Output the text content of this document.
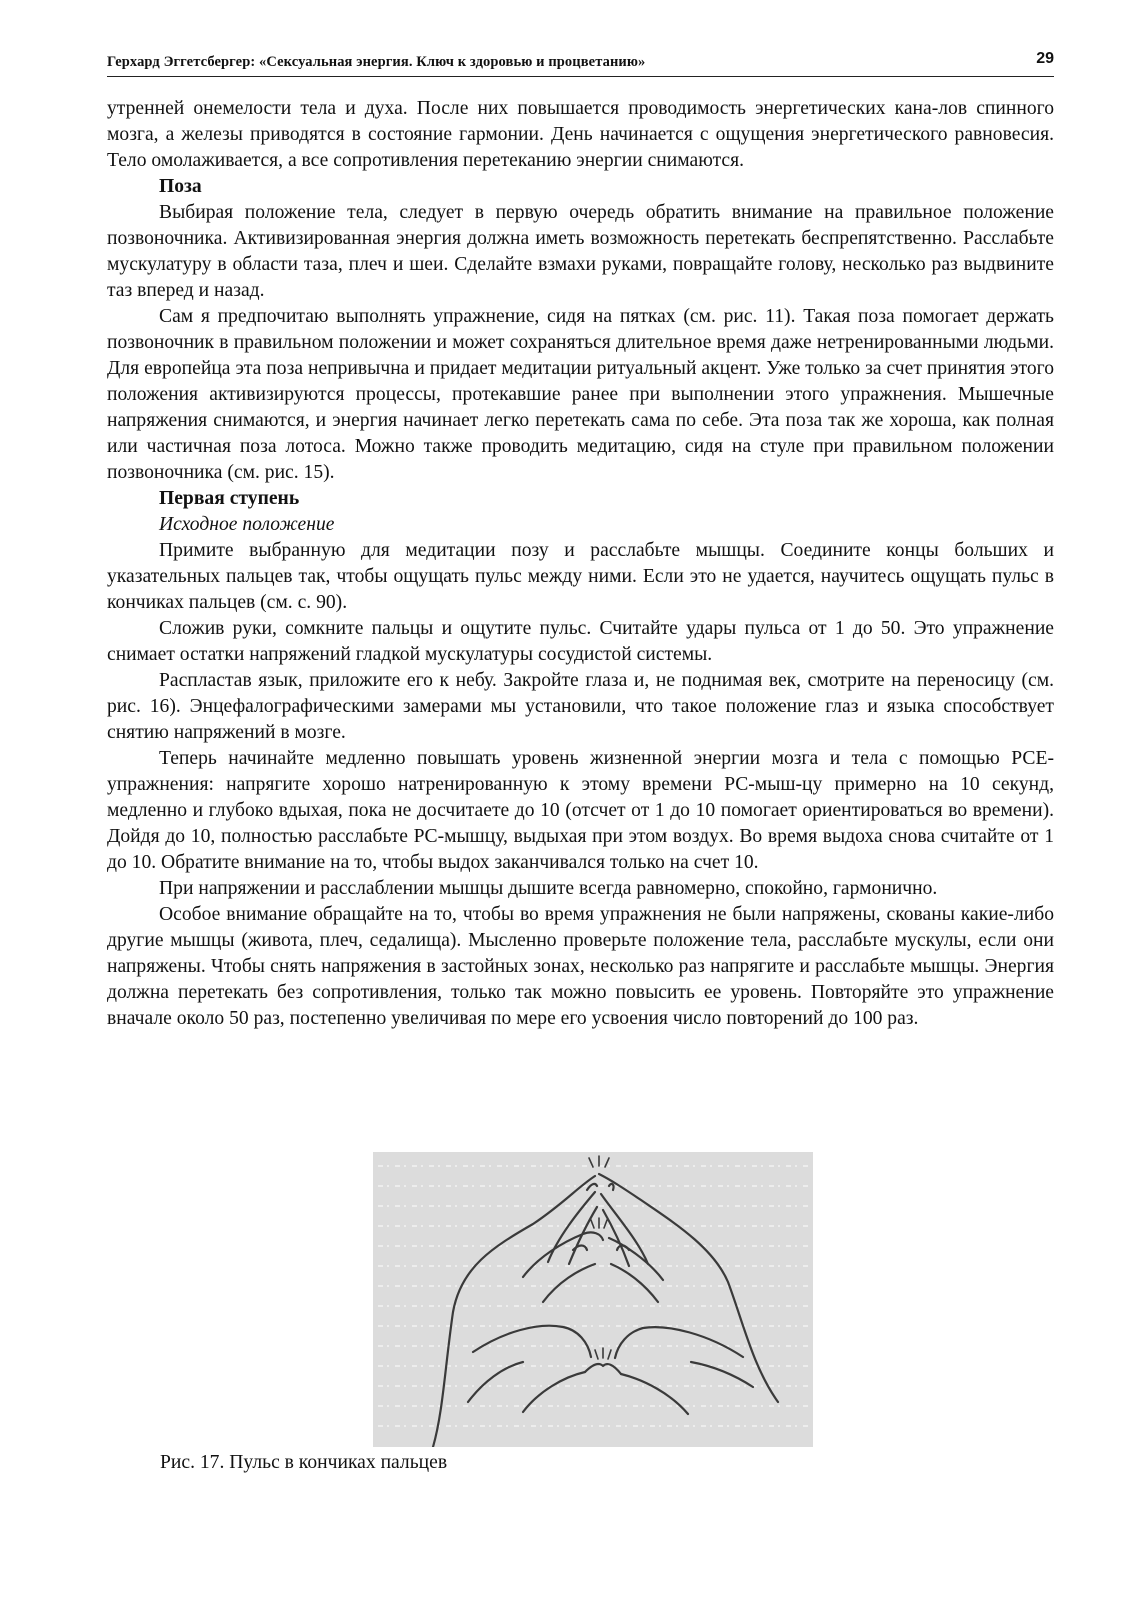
Герхард Эггетсбергер: «Сексуальная энергия. Ключ к здоровью и процветанию»	29

утренней онемелости тела и духа. После них повышается проводимость энергетических кана-лов спинного мозга, а железы приводятся в состояние гармонии. День начинается с ощущения энергетического равновесия. Тело омолаживается, а все сопротивления перетеканию энергии снимаются.

Поза

Выбирая положение тела, следует в первую очередь обратить внимание на правильное положение позвоночника. Активизированная энергия должна иметь возможность перетекать беспрепятственно. Расслабьте мускулатуру в области таза, плеч и шеи. Сделайте взмахи руками, повращайте голову, несколько раз выдвините таз вперед и назад.

Сам я предпочитаю выполнять упражнение, сидя на пятках (см. рис. 11). Такая поза помогает держать позвоночник в правильном положении и может сохраняться длительное время даже нетренированными людьми. Для европейца эта поза непривычна и придает медитации ритуальный акцент. Уже только за счет принятия этого положения активизируются процессы, протекавшие ранее при выполнении этого упражнения. Мышечные напряжения снимаются, и энергия начинает легко перетекать сама по себе. Эта поза так же хороша, как полная или частичная поза лотоса. Можно также проводить медитацию, сидя на стуле при правильном положении позвоночника (см. рис. 15).

Первая ступень
Исходное положение

Примите выбранную для медитации позу и расслабьте мышцы. Соедините концы больших и указательных пальцев так, чтобы ощущать пульс между ними. Если это не удается, научитесь ощущать пульс в кончиках пальцев (см. с. 90).

Сложив руки, сомкните пальцы и ощутите пульс. Считайте удары пульса от 1 до 50. Это упражнение снимает остатки напряжений гладкой мускулатуры сосудистой системы.

Распластав язык, приложите его к небу. Закройте глаза и, не поднимая век, смотрите на переносицу (см. рис. 16). Энцефалографическими замерами мы установили, что такое положение глаз и языка способствует снятию напряжений в мозге.

Теперь начинайте медленно повышать уровень жизненной энергии мозга и тела с помощью РСЕ-упражнения: напрягите хорошо натренированную к этому времени PC-мыш-цу примерно на 10 секунд, медленно и глубоко вдыхая, пока не досчитаете до 10 (отсчет от 1 до 10 помогает ориентироваться во времени). Дойдя до 10, полностью расслабьте PC-мышцу, выдыхая при этом воздух. Во время выдоха снова считайте от 1 до 10. Обратите внимание на то, чтобы выдох заканчивался только на счет 10.

При напряжении и расслаблении мышцы дышите всегда равномерно, спокойно, гармонично.

Особое внимание обращайте на то, чтобы во время упражнения не были напряжены, скованы какие-либо другие мышцы (живота, плеч, седалища). Мысленно проверьте положение тела, расслабьте мускулы, если они напряжены. Чтобы снять напряжения в застойных зонах, несколько раз напрягите и расслабьте мышцы. Энергия должна перетекать без сопротивления, только так можно повысить ее уровень. Повторяйте это упражнение вначале около 50 раз, постепенно увеличивая по мере его усвоения число повторений до 100 раз.

Рис. 17. Пульс в кончиках пальцев
